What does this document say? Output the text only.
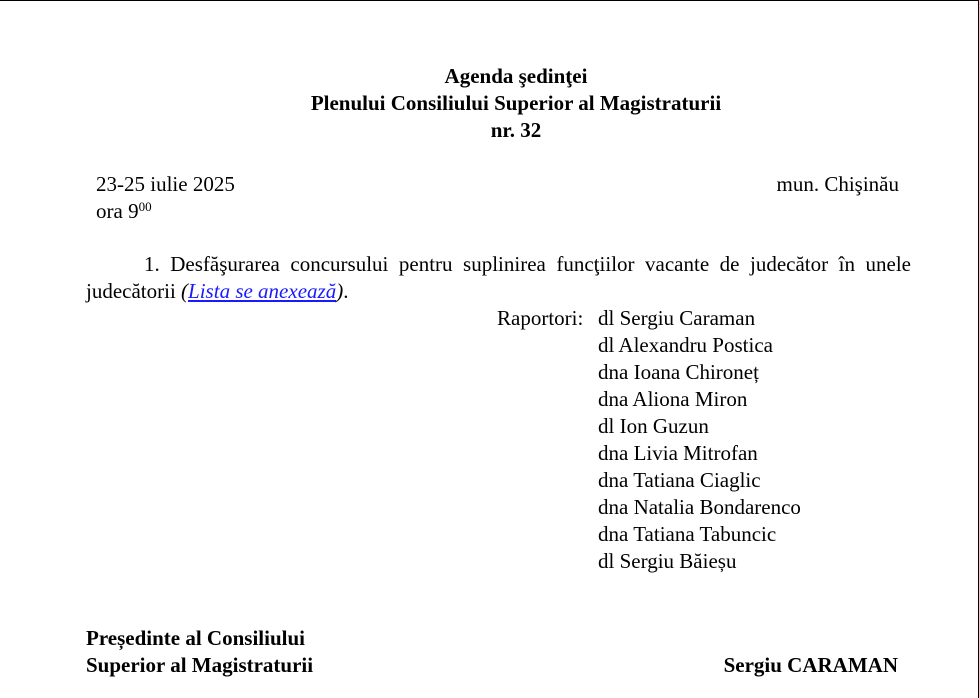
Agenda şedinţei
Plenului Consiliului Superior al Magistraturii
nr. 32
23-25 iulie 2025	mun. Chişinău
ora $9^{00}$
1. Desfăşurarea concursului pentru suplinirea funcţiilor vacante de judecător în unele judecătorii (Lista se anexează).
Raportori: dl Sergiu Caraman
dl Alexandru Postica
dna Ioana Chironeț
dna Aliona Miron
dl Ion Guzun
dna Livia Mitrofan
dna Tatiana Ciaglic
dna Natalia Bondarenco
dna Tatiana Tabuncic
dl Sergiu Băieșu
Președinte al Consiliului
Superior al Magistraturii	Sergiu CARAMAN
